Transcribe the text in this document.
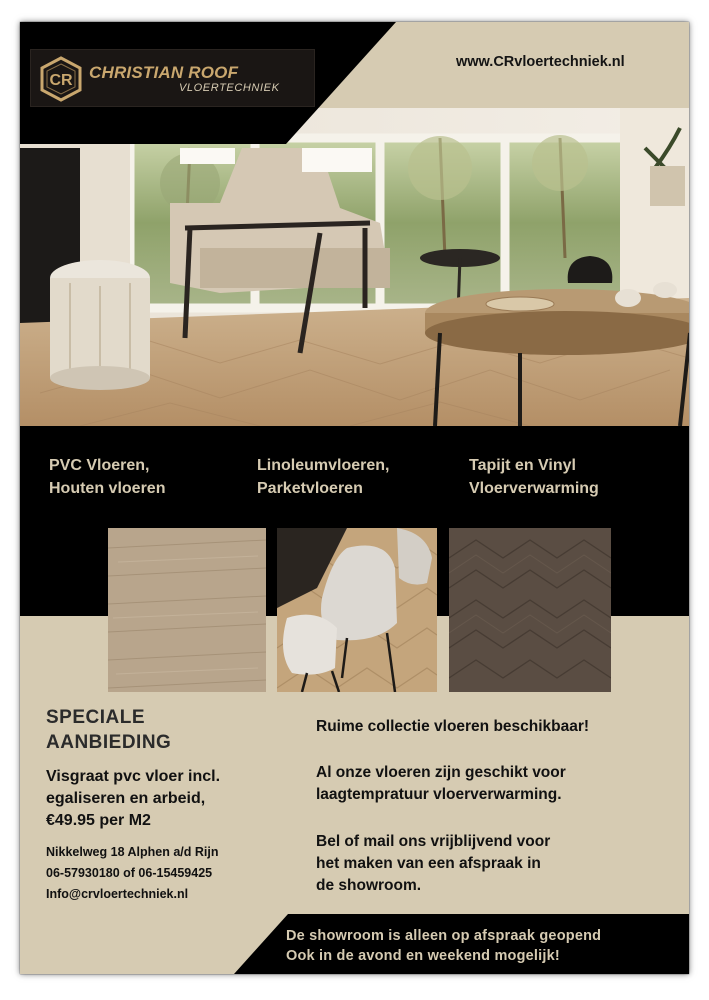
CR CHRISTIAN ROOF
VLOERTECHNIEK
www.CRvloertechniek.nl
PVC Vloeren,
Houten vloeren
Linoleumvloeren,
Parketvloeren
Tapijt en Vinyl
Vloerverwarming
SPECIALE
AANBIEDING
Visgraat pvc vloer incl.
egaliseren en arbeid,
€49.95 per M2
Nikkelweg 18 Alphen a/d Rijn
06-57930180 of 06-15459425
Info@crvloertechniek.nl
Ruime collectie vloeren beschikbaar!
Al onze vloeren zijn geschikt voor
laagtempratuur vloerverwarming.
Bel of mail ons vrijblijvend voor
het maken van een afspraak in
de showroom.
De showroom is alleen op afspraak geopend
Ook in de avond en weekend mogelijk!
